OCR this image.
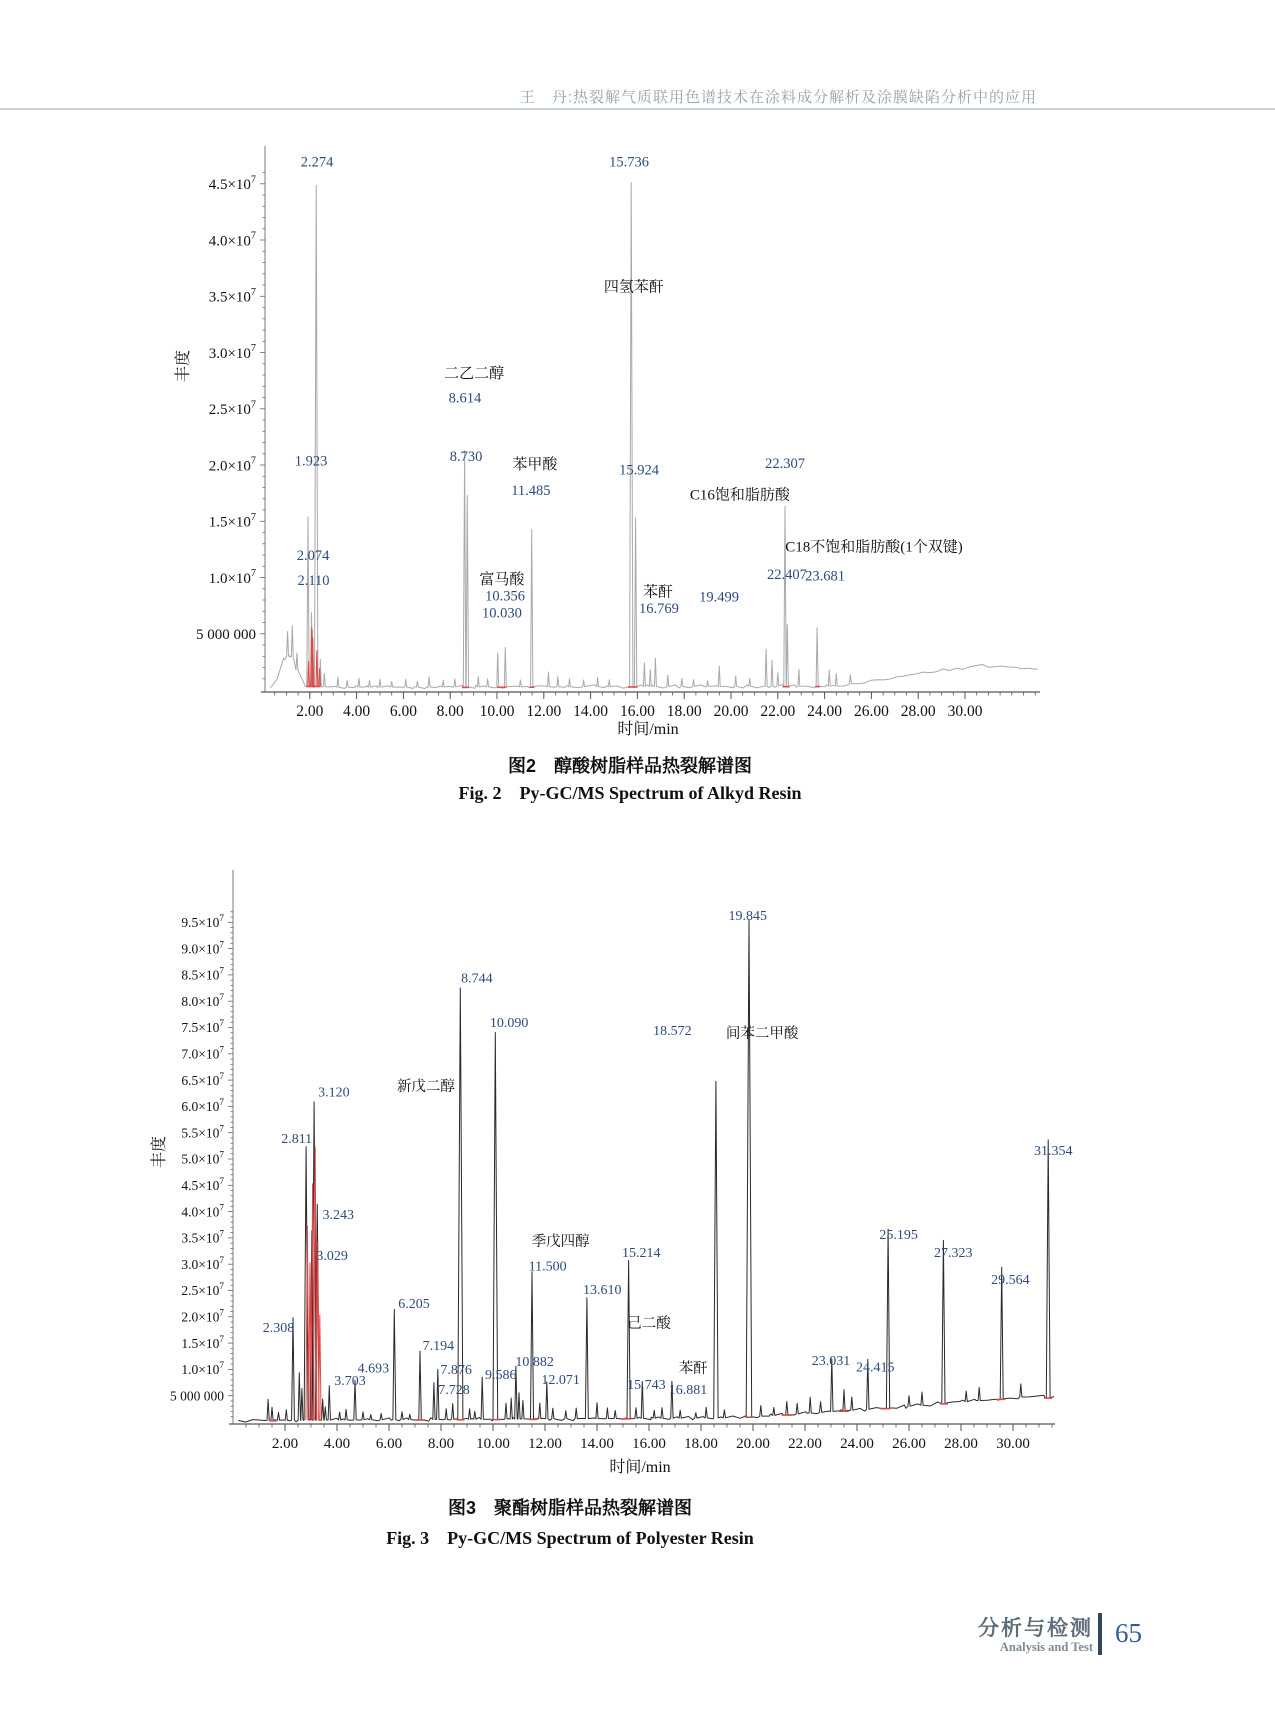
王　丹:热裂解气质联用色谱技术在涂料成分解析及涂膜缺陷分析中的应用
2.00 4.00 6.00 8.00 10.00 12.00 14.00 16.00 18.00 20.00 22.00 24.00 26.00 28.00 30.00
5 000 000
$1.0\times 10^7$
$1.5\times 10^7$
$2.0\times 10^7$
$2.5\times 10^7$
$3.0\times 10^7$
$3.5\times 10^7$
$4.0\times 10^7$
$4.5\times 10^7$
1.923
2.074
2.110
2.274
8.614
8.730
10.030
10.356
11.485
15.736
15.924
16.769
19.499
22.307
22.407
23.681
二乙二醇
苯甲酸
富马酸
四氢苯酐
苯酐
C16饱和脂肪酸
C18不饱和脂肪酸(1个双键)
时间/min
丰度
图2　醇酸树脂样品热裂解谱图
Fig. 2　Py-GC/MS Spectrum of Alkyd Resin
2.00 4.00 6.00 8.00 10.00 12.00 14.00 16.00 18.00 20.00 22.00 24.00 26.00 28.00 30.00
5 000 000
$1.0\times 10^7$
$1.5\times 10^7$
$2.0\times 10^7$
$2.5\times 10^7$
$3.0\times 10^7$
$3.5\times 10^7$
$4.0\times 10^7$
$4.5\times 10^7$
$5.0\times 10^7$
$5.5\times 10^7$
$6.0\times 10^7$
$6.5\times 10^7$
$7.0\times 10^7$
$7.5\times 10^7$
$8.0\times 10^7$
$8.5\times 10^7$
$9.0\times 10^7$
$9.5\times 10^7$
2.308
2.811
3.029
3.120
3.243
3.703
4.693
6.205
7.194
7.728
7.876
8.744
9.586
10.090
10.882
11.500
12.071
13.610
15.214
15.743 16.881
18.572
19.845
23.031 24.415
25.195
27.323
29.564
31.354
新戊二醇
间苯二甲酸
季戊四醇
己二酸
苯酐
时间/min
丰度
图3　聚酯树脂样品热裂解谱图
Fig. 3　Py-GC/MS Spectrum of Polyester Resin
分析与检测
Analysis and Test 65
